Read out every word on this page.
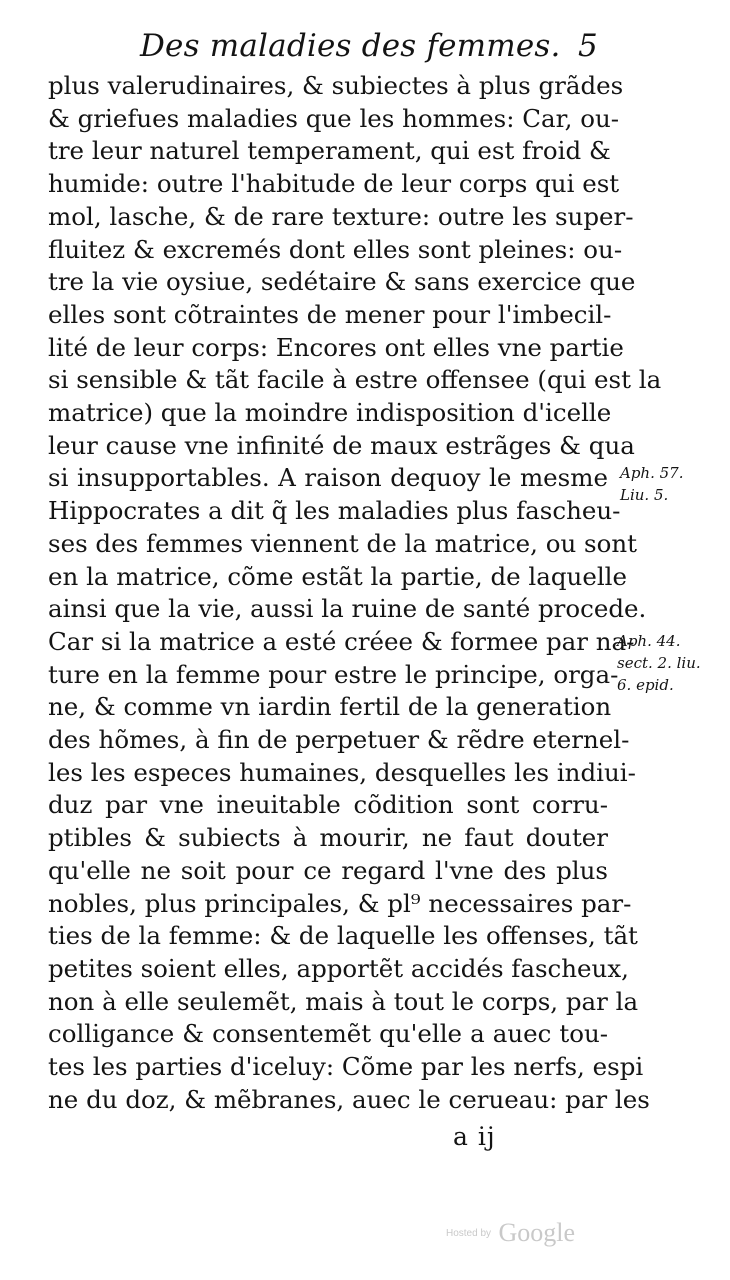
Des maladies des femmes. 5
plus valerudinaires, & subiectes à plus grãdes
& griefues maladies que les hommes: Car, ou-
tre leur naturel temperament, qui est froid &
humide: outre l'habitude de leur corps qui est
mol, lasche, & de rare texture: outre les super-
fluitez & excremés dont elles sont pleines: ou-
tre la vie oysiue, sedétaire & sans exercice que
elles sont cõtraintes de mener pour l'imbecil-
lité de leur corps: Encores ont elles vne partie
si sensible & tãt facile à estre offensee (qui est la
matrice) que la moindre indisposition d'icelle
leur cause vne infinité de maux estrãges & qua
si insupportables. A raison dequoy le mesme
Hippocrates a dit q̃ les maladies plus fascheu-
ses des femmes viennent de la matrice, ou sont
en la matrice, cõme estãt la partie, de laquelle
ainsi que la vie, aussi la ruine de santé procede.
Car si la matrice a esté créee & formee par na-
ture en la femme pour estre le principe, orga-
ne, & comme vn iardin fertil de la generation
des hõmes, à fin de perpetuer & rẽdre eternel-
les les especes humaines, desquelles les indiui-
duz par vne ineuitable cõdition sont corru-
ptibles & subiects à mourir, ne faut douter
qu'elle ne soit pour ce regard l'vne des plus
nobles, plus principales, & pl⁹ necessaires par-
ties de la femme: & de laquelle les offenses, tãt
petites soient elles, apportẽt accidés fascheux,
non à elle seulemẽt, mais à tout le corps, par la
colligance & consentemẽt qu'elle a auec tou-
tes les parties d'iceluy: Cõme par les nerfs, espi
ne du doz, & mẽbranes, auec le cerueau: par les
Aph. 57.
Liu. 5.
Aph. 44.
sect. 2. liu.
6. epid.
a ij
Hosted by Google
